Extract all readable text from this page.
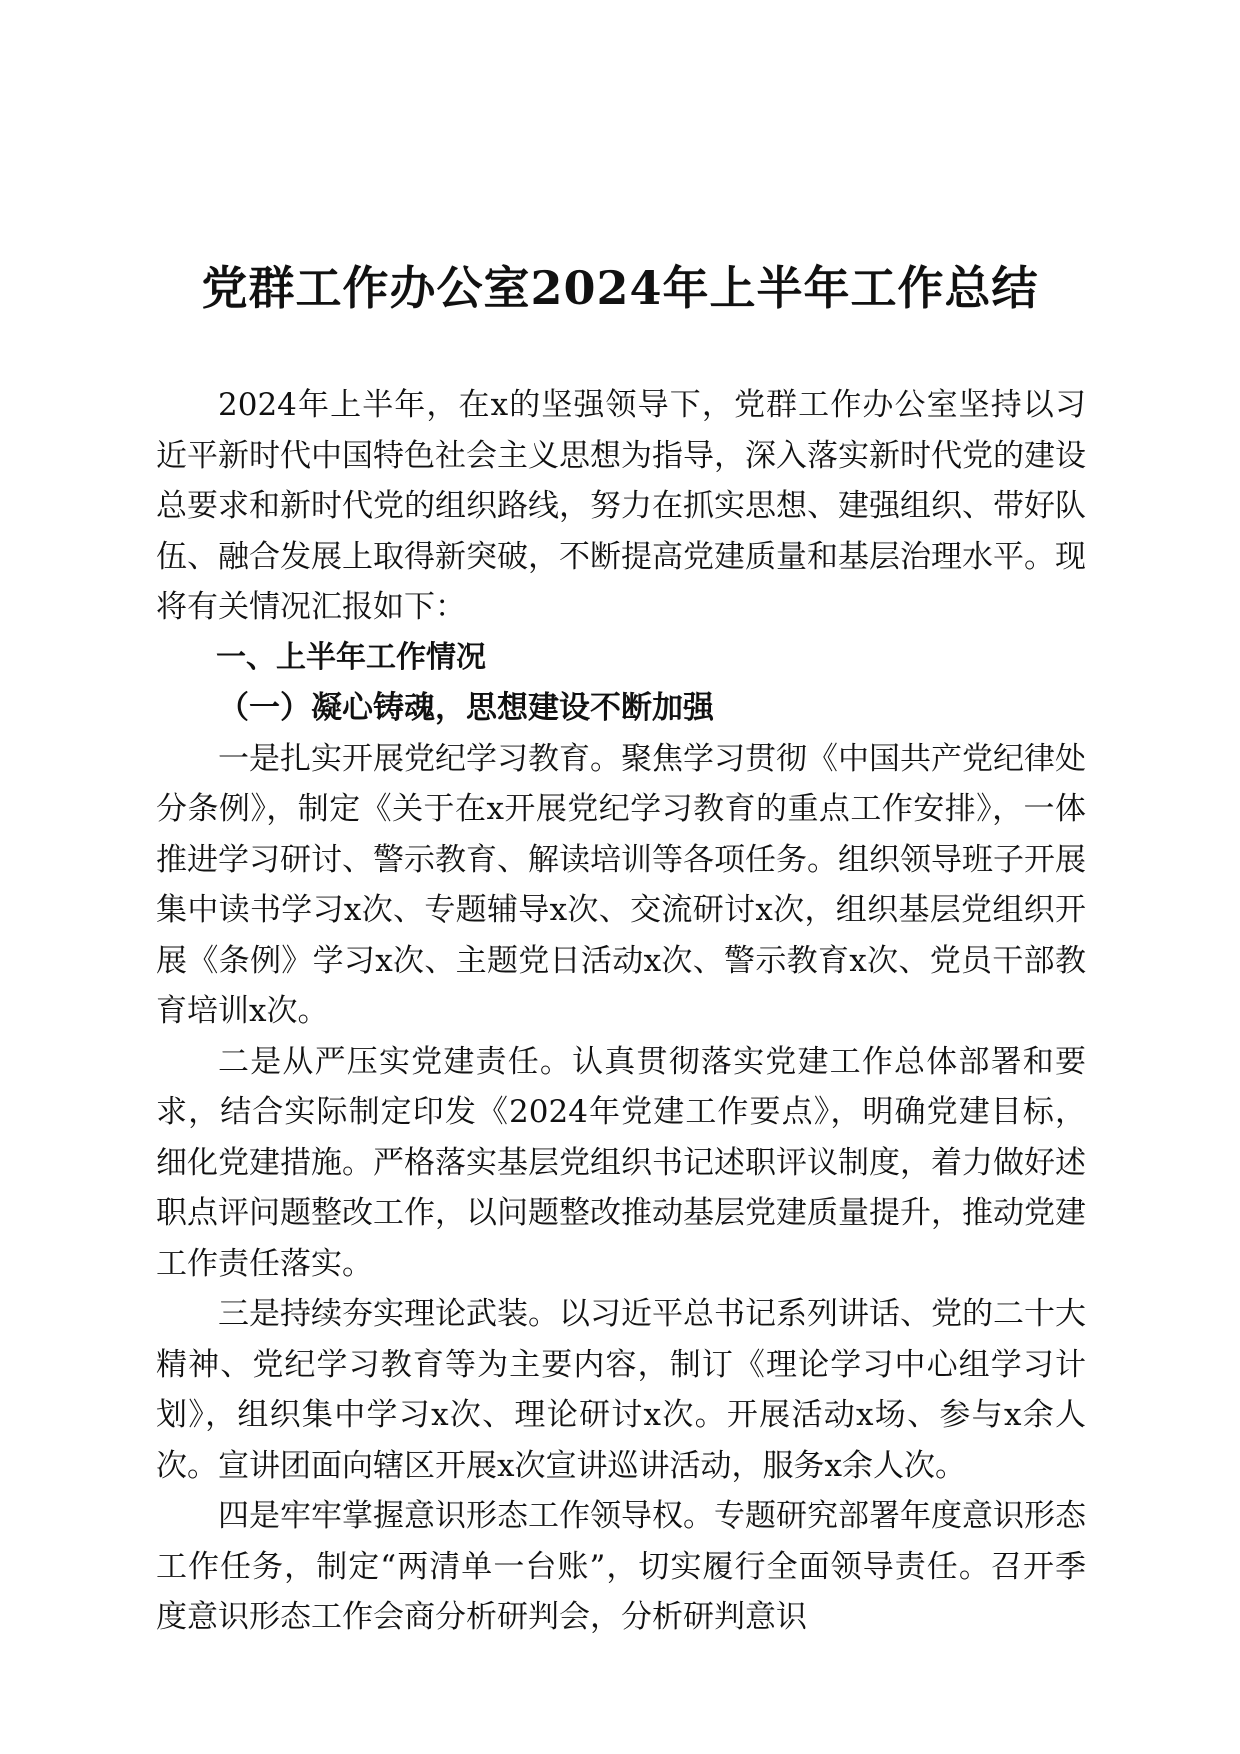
党群工作办公室2024年上半年工作总结

2024年上半年，在x的坚强领导下，党群工作办公室坚持以习近平新时代中国特色社会主义思想为指导，深入落实新时代党的建设总要求和新时代党的组织路线，努力在抓实思想、建强组织、带好队伍、融合发展上取得新突破，不断提高党建质量和基层治理水平。现将有关情况汇报如下：

一、上半年工作情况

（一）凝心铸魂，思想建设不断加强

一是扎实开展党纪学习教育。聚焦学习贯彻《中国共产党纪律处分条例》，制定《关于在x开展党纪学习教育的重点工作安排》，一体推进学习研讨、警示教育、解读培训等各项任务。组织领导班子开展集中读书学习x次、专题辅导x次、交流研讨x次，组织基层党组织开展《条例》学习x次、主题党日活动x次、警示教育x次、党员干部教育培训x次。

二是从严压实党建责任。认真贯彻落实党建工作总体部署和要求，结合实际制定印发《2024年党建工作要点》，明确党建目标，细化党建措施。严格落实基层党组织书记述职评议制度，着力做好述职点评问题整改工作，以问题整改推动基层党建质量提升，推动党建工作责任落实。

三是持续夯实理论武装。以习近平总书记系列讲话、党的二十大精神、党纪学习教育等为主要内容，制订《理论学习中心组学习计划》，组织集中学习x次、理论研讨x次。开展活动x场、参与x余人次。宣讲团面向辖区开展x次宣讲巡讲活动，服务x余人次。

四是牢牢掌握意识形态工作领导权。专题研究部署年度意识形态工作任务，制定“两清单一台账”，切实履行全面领导责任。召开季度意识形态工作会商分析研判会，分析研判意识
